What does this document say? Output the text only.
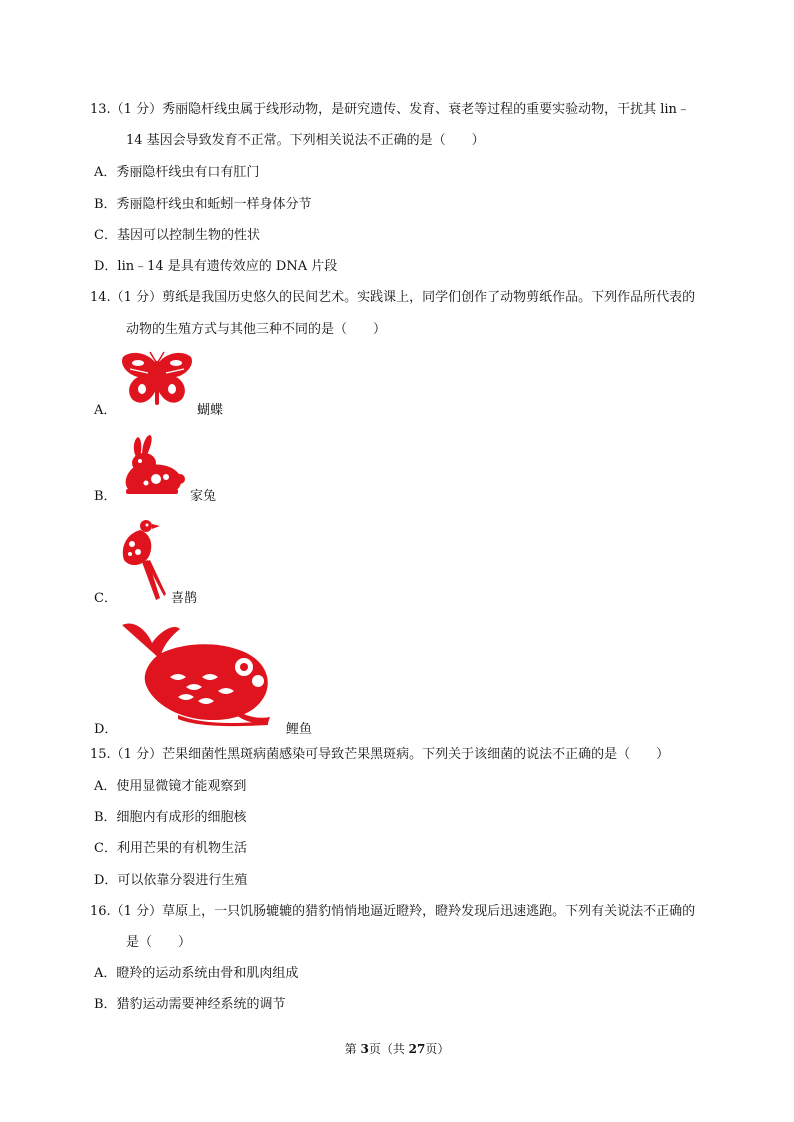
13.（1 分）秀丽隐杆线虫属于线形动物，是研究遗传、发育、衰老等过程的重要实验动物，干扰其 lin﹣
14 基因会导致发育不正常。下列相关说法不正确的是（　　）
A．秀丽隐杆线虫有口有肛门
B．秀丽隐杆线虫和蚯蚓一样身体分节
C．基因可以控制生物的性状
D．lin﹣14 是具有遗传效应的 DNA 片段
14.（1 分）剪纸是我国历史悠久的民间艺术。实践课上，同学们创作了动物剪纸作品。下列作品所代表的
动物的生殖方式与其他三种不同的是（　　）
A．	蝴蝶
B．	家兔
C．	喜鹊
D．	鲤鱼
15.（1 分）芒果细菌性黑斑病菌感染可导致芒果黑斑病。下列关于该细菌的说法不正确的是（　　）
A．使用显微镜才能观察到
B．细胞内有成形的细胞核
C．利用芒果的有机物生活
D．可以依靠分裂进行生殖
16.（1 分）草原上，一只饥肠辘辘的猎豹悄悄地逼近瞪羚，瞪羚发现后迅速逃跑。下列有关说法不正确的
是（　　）
A．瞪羚的运动系统由骨和肌肉组成
B．猎豹运动需要神经系统的调节
第 3页（共 27页）
